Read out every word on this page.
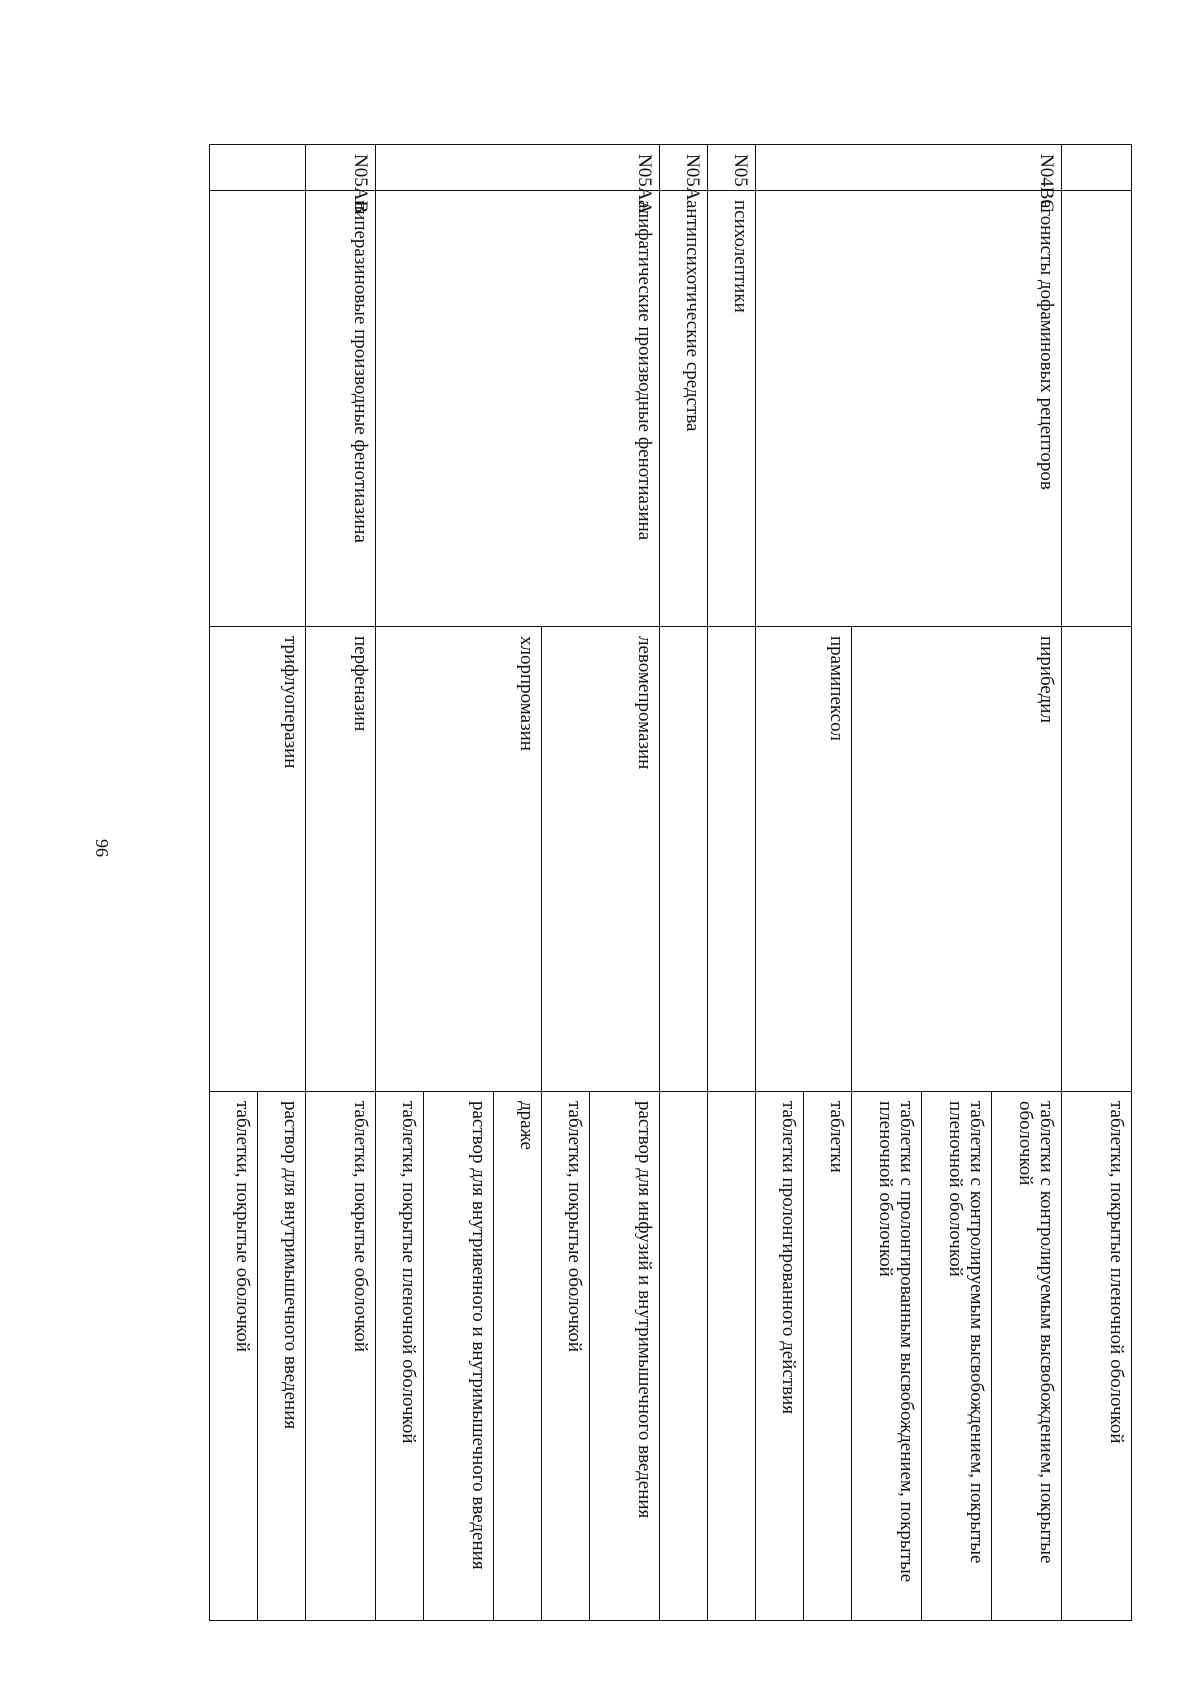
96
			таблетки, покрытые пленочной оболочкой
N04BC	агонисты дофаминовых рецепторов	пирибедил	таблетки с контролируемым высвобождением, покрытые оболочкой
			таблетки с контролируемым высвобождением, покрытые пленочной оболочкой
			таблетки с пролонгированным высвобождением, покрытые пленочной оболочкой
		прамипексол	таблетки
			таблетки пролонгированного действия
N05	психолептики		
N05A	антипсихотические средства		
N05AA	алифатические производные фенотиазина	левомепромазин	раствор для инфузий и внутримышечного введения
			таблетки, покрытые оболочкой
		хлорпромазин	драже
			раствор для внутривенного и внутримышечного введения
			таблетки, покрытые пленочной оболочкой
N05AB	пиперазиновые производные фенотиазина	перфеназин	таблетки, покрытые оболочкой
		трифлуоперазин	раствор для внутримышечного введения
			таблетки, покрытые оболочкой
